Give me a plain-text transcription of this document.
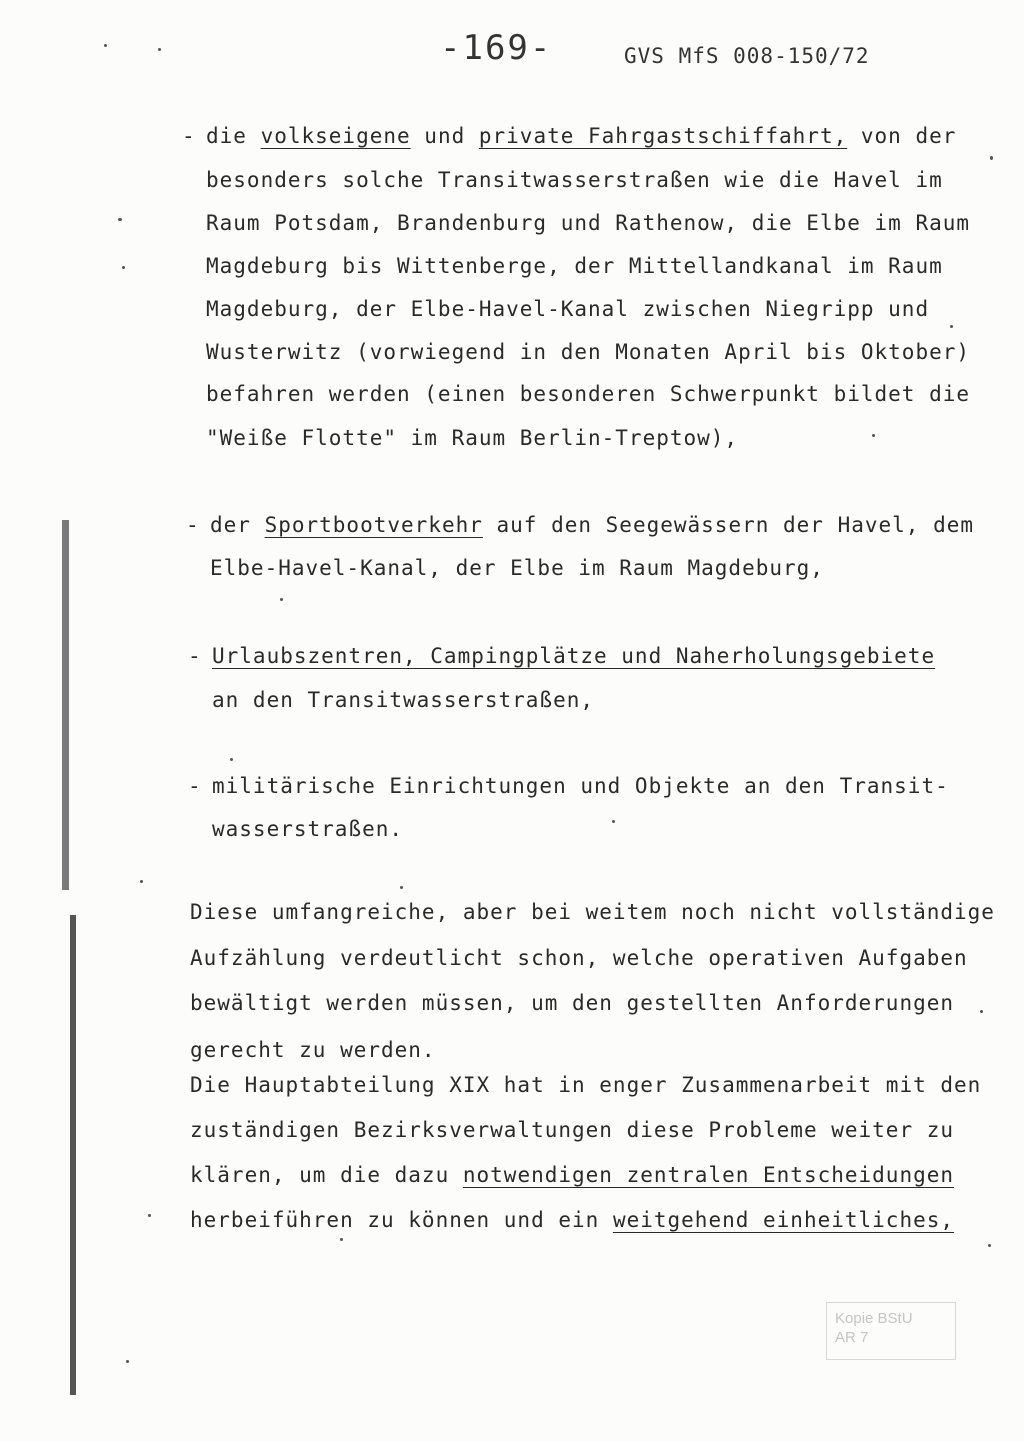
-169-	GVS MfS 008-150/72
- die volkseigene und private Fahrgastschiffahrt, von der
besonders solche Transitwasserstraßen wie die Havel im
Raum Potsdam, Brandenburg und Rathenow, die Elbe im Raum
Magdeburg bis Wittenberge, der Mittellandkanal im Raum
Magdeburg, der Elbe-Havel-Kanal zwischen Niegripp und
Wusterwitz (vorwiegend in den Monaten April bis Oktober)
befahren werden (einen besonderen Schwerpunkt bildet die
"Weiße Flotte" im Raum Berlin-Treptow),
- der Sportbootverkehr auf den Seegewässern der Havel, dem
Elbe-Havel-Kanal, der Elbe im Raum Magdeburg,
- Urlaubszentren, Campingplätze und Naherholungsgebiete
an den Transitwasserstraßen,
- militärische Einrichtungen und Objekte an den Transit-
wasserstraßen.
Diese umfangreiche, aber bei weitem noch nicht vollständige
Aufzählung verdeutlicht schon, welche operativen Aufgaben
bewältigt werden müssen, um den gestellten Anforderungen
gerecht zu werden.
Die Hauptabteilung XIX hat in enger Zusammenarbeit mit den
zuständigen Bezirksverwaltungen diese Probleme weiter zu
klären, um die dazu notwendigen zentralen Entscheidungen
herbeiführen zu können und ein weitgehend einheitliches,
Kopie BStU
AR 7
